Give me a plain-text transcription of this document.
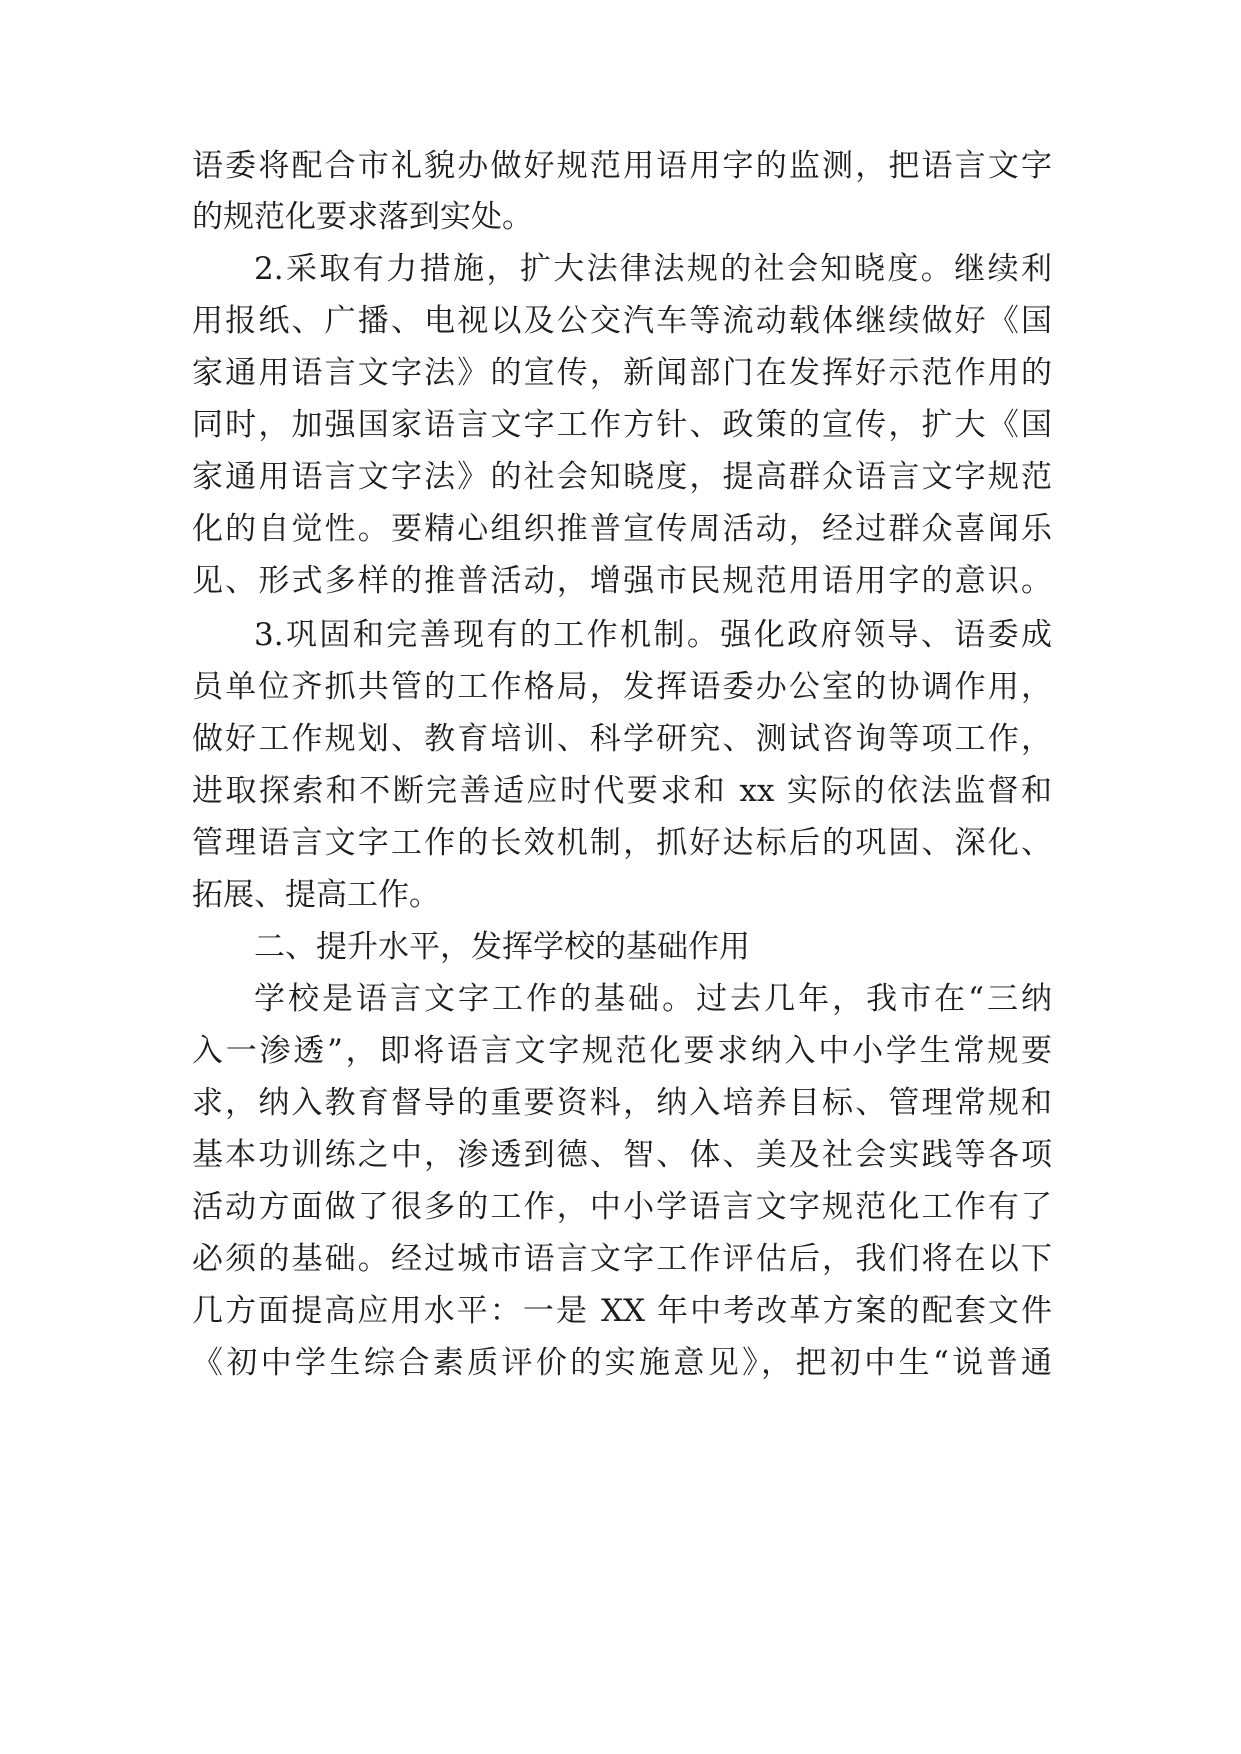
语委将配合市礼貌办做好规范用语用字的监测，把语言文字
的规范化要求落到实处。
2.采取有力措施，扩大法律法规的社会知晓度。继续利
用报纸、广播、电视以及公交汽车等流动载体继续做好《国
家通用语言文字法》的宣传，新闻部门在发挥好示范作用的
同时，加强国家语言文字工作方针、政策的宣传，扩大《国
家通用语言文字法》的社会知晓度，提高群众语言文字规范
化的自觉性。要精心组织推普宣传周活动，经过群众喜闻乐
见、形式多样的推普活动，增强市民规范用语用字的意识。
3.巩固和完善现有的工作机制。强化政府领导、语委成
员单位齐抓共管的工作格局，发挥语委办公室的协调作用，
做好工作规划、教育培训、科学研究、测试咨询等项工作，
进取探索和不断完善适应时代要求和 xx 实际的依法监督和
管理语言文字工作的长效机制，抓好达标后的巩固、深化、
拓展、提高工作。
二、提升水平，发挥学校的基础作用
学校是语言文字工作的基础。过去几年，我市在“三纳
入一渗透”，即将语言文字规范化要求纳入中小学生常规要
求，纳入教育督导的重要资料，纳入培养目标、管理常规和
基本功训练之中，渗透到德、智、体、美及社会实践等各项
活动方面做了很多的工作，中小学语言文字规范化工作有了
必须的基础。经过城市语言文字工作评估后，我们将在以下
几方面提高应用水平：一是 XX 年中考改革方案的配套文件
《初中学生综合素质评价的实施意见》，把初中生“说普通
